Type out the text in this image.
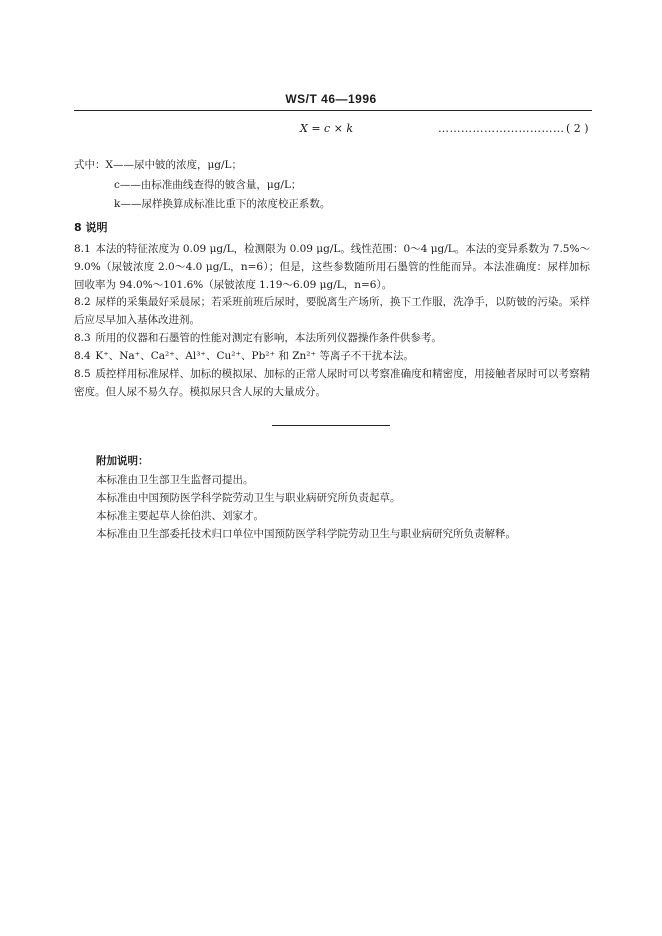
WS/T 46—1996
X = c × k	…………………………… ( 2 )
式中：X——尿中铍的浓度，μg/L；
c——由标准曲线查得的铍含量，μg/L；
k——尿样换算成标准比重下的浓度校正系数。
8 说明
8.1 本法的特征浓度为 0.09 μg/L，检测限为 0.09 μg/L。线性范围：0～4 μg/L。本法的变异系数为 7.5%～9.0%（尿铍浓度 2.0～4.0 μg/L，n=6）；但是，这些参数随所用石墨管的性能而异。本法准确度：尿样加标回收率为 94.0%～101.6%（尿铍浓度 1.19～6.09 μg/L，n=6）。
8.2 尿样的采集最好采晨尿；若采班前班后尿时，要脱离生产场所，换下工作服，洗净手，以防铍的污染。采样后应尽早加入基体改进剂。
8.3 所用的仪器和石墨管的性能对测定有影响，本法所列仪器操作条件供参考。
8.4 K⁺、Na⁺、Ca²⁺、Al³⁺、Cu²⁺、Pb²⁺ 和 Zn²⁺ 等离子不干扰本法。
8.5 质控样用标准尿样、加标的模拟尿、加标的正常人尿时可以考察准确度和精密度，用接触者尿时可以考察精密度。但人尿不易久存。模拟尿只含人尿的大量成分。
附加说明：
本标准由卫生部卫生监督司提出。
本标准由中国预防医学科学院劳动卫生与职业病研究所负责起草。
本标准主要起草人徐伯洪、刘家才。
本标准由卫生部委托技术归口单位中国预防医学科学院劳动卫生与职业病研究所负责解释。
